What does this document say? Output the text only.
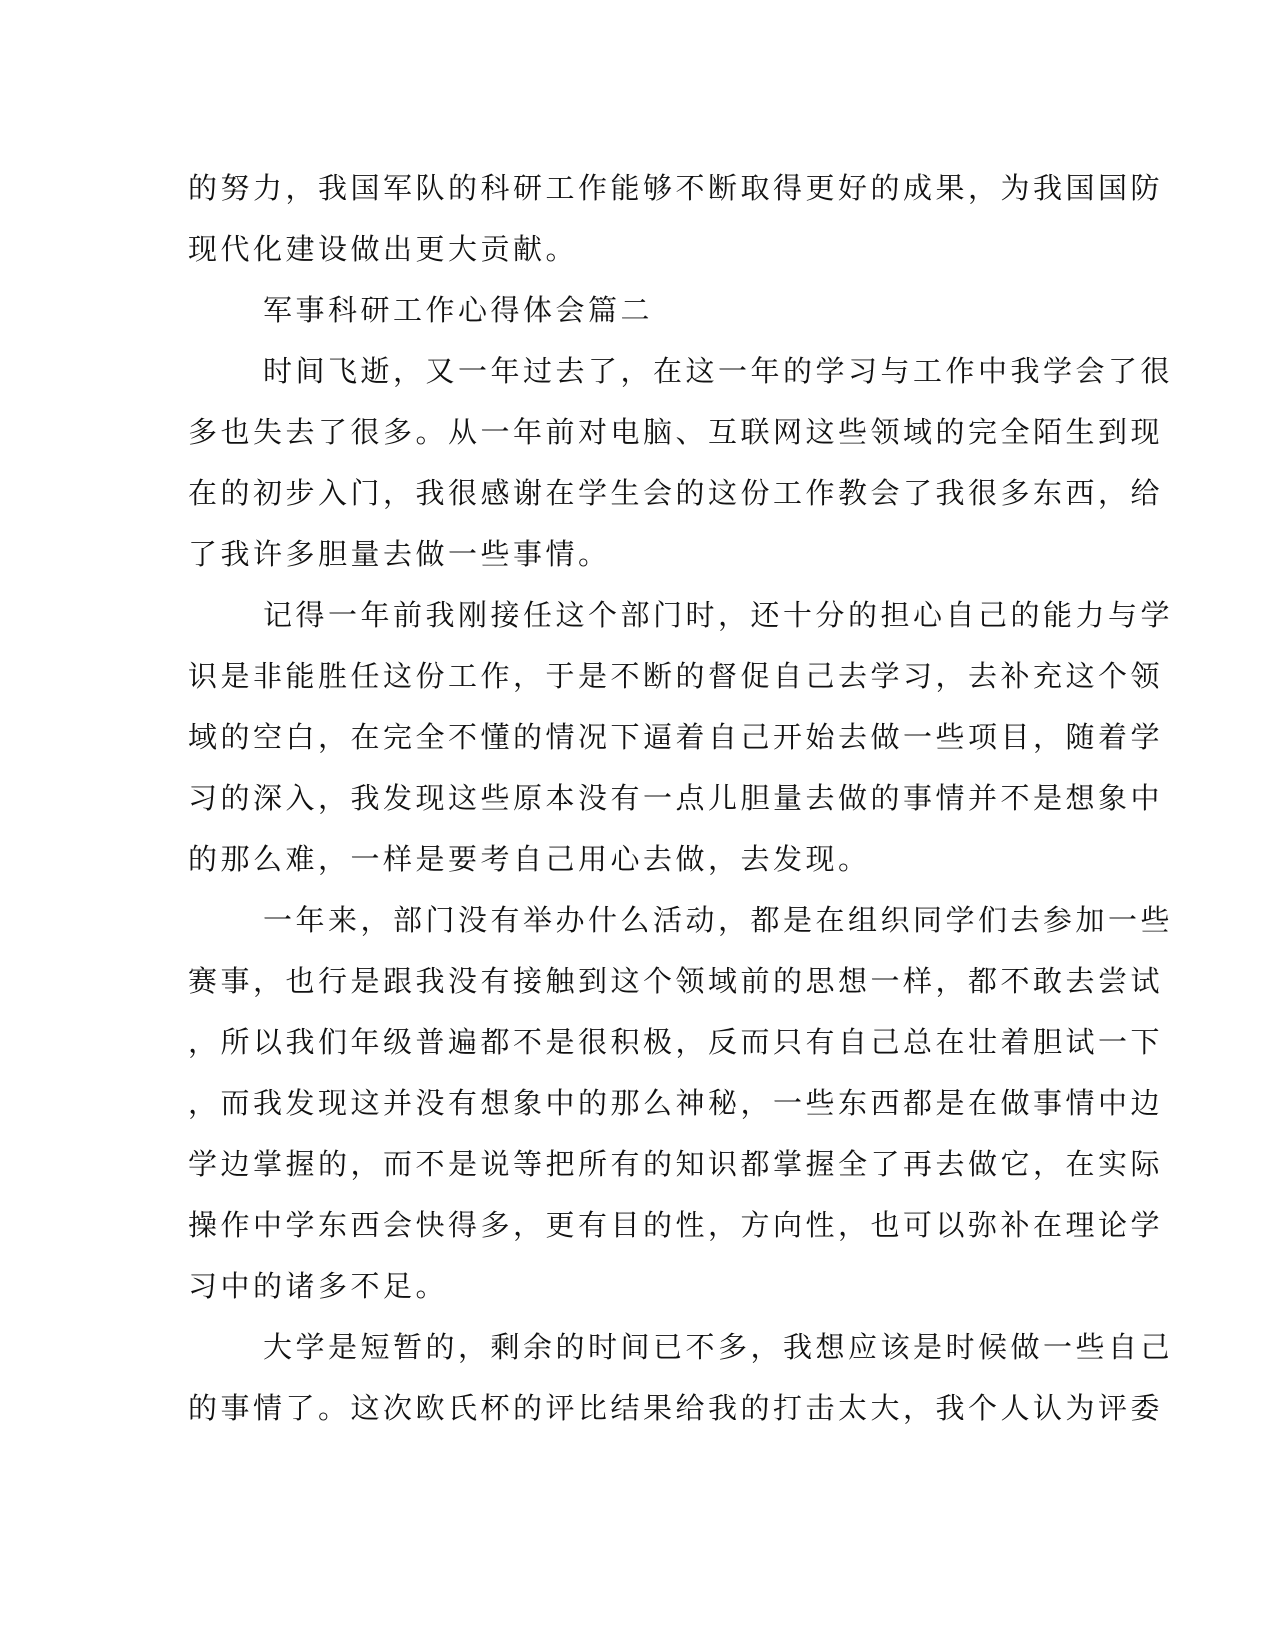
的努力，我国军队的科研工作能够不断取得更好的成果，为我国国防
现代化建设做出更大贡献。
军事科研工作心得体会篇二
时间飞逝，又一年过去了，在这一年的学习与工作中我学会了很
多也失去了很多。从一年前对电脑、互联网这些领域的完全陌生到现
在的初步入门，我很感谢在学生会的这份工作教会了我很多东西，给
了我许多胆量去做一些事情。
记得一年前我刚接任这个部门时，还十分的担心自己的能力与学
识是非能胜任这份工作，于是不断的督促自己去学习，去补充这个领
域的空白，在完全不懂的情况下逼着自己开始去做一些项目，随着学
习的深入，我发现这些原本没有一点儿胆量去做的事情并不是想象中
的那么难，一样是要考自己用心去做，去发现。
一年来，部门没有举办什么活动，都是在组织同学们去参加一些
赛事，也行是跟我没有接触到这个领域前的思想一样，都不敢去尝试
，所以我们年级普遍都不是很积极，反而只有自己总在壮着胆试一下
，而我发现这并没有想象中的那么神秘，一些东西都是在做事情中边
学边掌握的，而不是说等把所有的知识都掌握全了再去做它，在实际
操作中学东西会快得多，更有目的性，方向性，也可以弥补在理论学
习中的诸多不足。
大学是短暂的，剩余的时间已不多，我想应该是时候做一些自己
的事情了。这次欧氏杯的评比结果给我的打击太大，我个人认为评委
